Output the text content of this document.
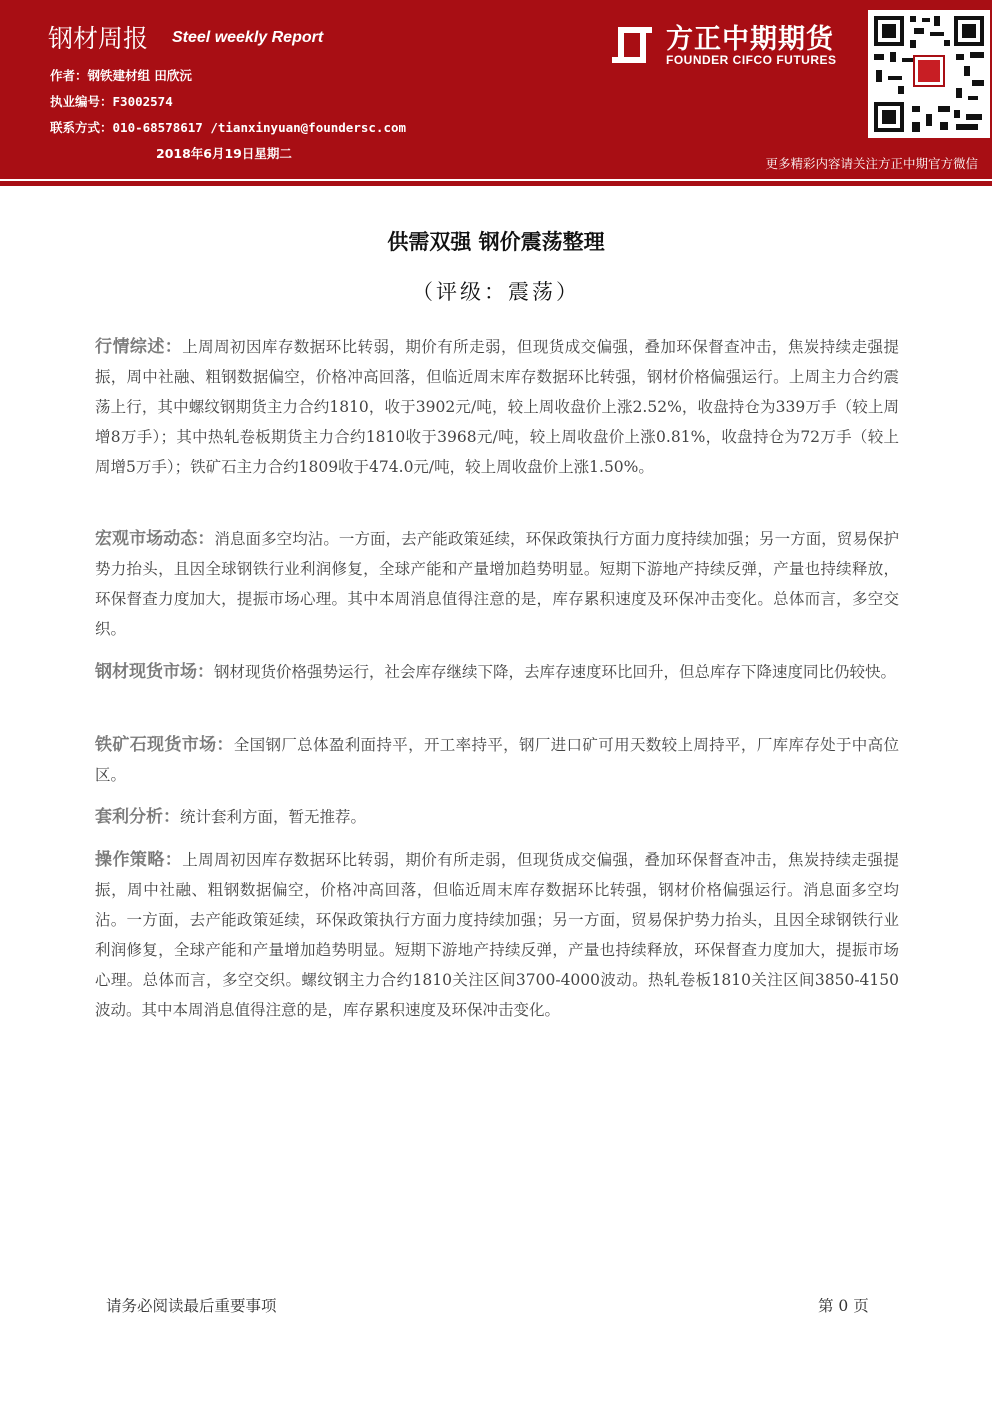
钢材周报 Steel weekly Report
作者：钢铁建材组 田欣沅
执业编号：F3002574
联系方式：010-68578617 /tianxinyuan@foundersc.com
2018年6月19日星期二
方正中期期货
FOUNDER CIFCO FUTURES
更多精彩内容请关注方正中期官方微信
供需双强 钢价震荡整理
（评级：震荡）
行情综述：上周周初因库存数据环比转弱，期价有所走弱，但现货成交偏强，叠加环保督查冲击，焦炭持续走强提振，周中社融、粗钢数据偏空，价格冲高回落，但临近周末库存数据环比转强，钢材价格偏强运行。上周主力合约震荡上行，其中螺纹钢期货主力合约1810，收于3902元/吨，较上周收盘价上涨2.52%，收盘持仓为339万手（较上周增8万手）；其中热轧卷板期货主力合约1810收于3968元/吨，较上周收盘价上涨0.81%，收盘持仓为72万手（较上周增5万手）；铁矿石主力合约1809收于474.0元/吨，较上周收盘价上涨1.50%。
宏观市场动态：消息面多空均沾。一方面，去产能政策延续，环保政策执行方面力度持续加强；另一方面，贸易保护势力抬头，且因全球钢铁行业利润修复，全球产能和产量增加趋势明显。短期下游地产持续反弹，产量也持续释放，环保督查力度加大，提振市场心理。其中本周消息值得注意的是，库存累积速度及环保冲击变化。总体而言，多空交织。
钢材现货市场：钢材现货价格强势运行，社会库存继续下降，去库存速度环比回升，但总库存下降速度同比仍较快。
铁矿石现货市场：全国钢厂总体盈利面持平，开工率持平，钢厂进口矿可用天数较上周持平，厂库库存处于中高位区。
套利分析：统计套利方面，暂无推荐。
操作策略：上周周初因库存数据环比转弱，期价有所走弱，但现货成交偏强，叠加环保督查冲击，焦炭持续走强提振，周中社融、粗钢数据偏空，价格冲高回落，但临近周末库存数据环比转强，钢材价格偏强运行。消息面多空均沾。一方面，去产能政策延续，环保政策执行方面力度持续加强；另一方面，贸易保护势力抬头，且因全球钢铁行业利润修复，全球产能和产量增加趋势明显。短期下游地产持续反弹，产量也持续释放，环保督查力度加大，提振市场心理。总体而言，多空交织。螺纹钢主力合约1810关注区间3700-4000波动。热轧卷板1810关注区间3850-4150波动。其中本周消息值得注意的是，库存累积速度及环保冲击变化。
请务必阅读最后重要事项	第 0 页
